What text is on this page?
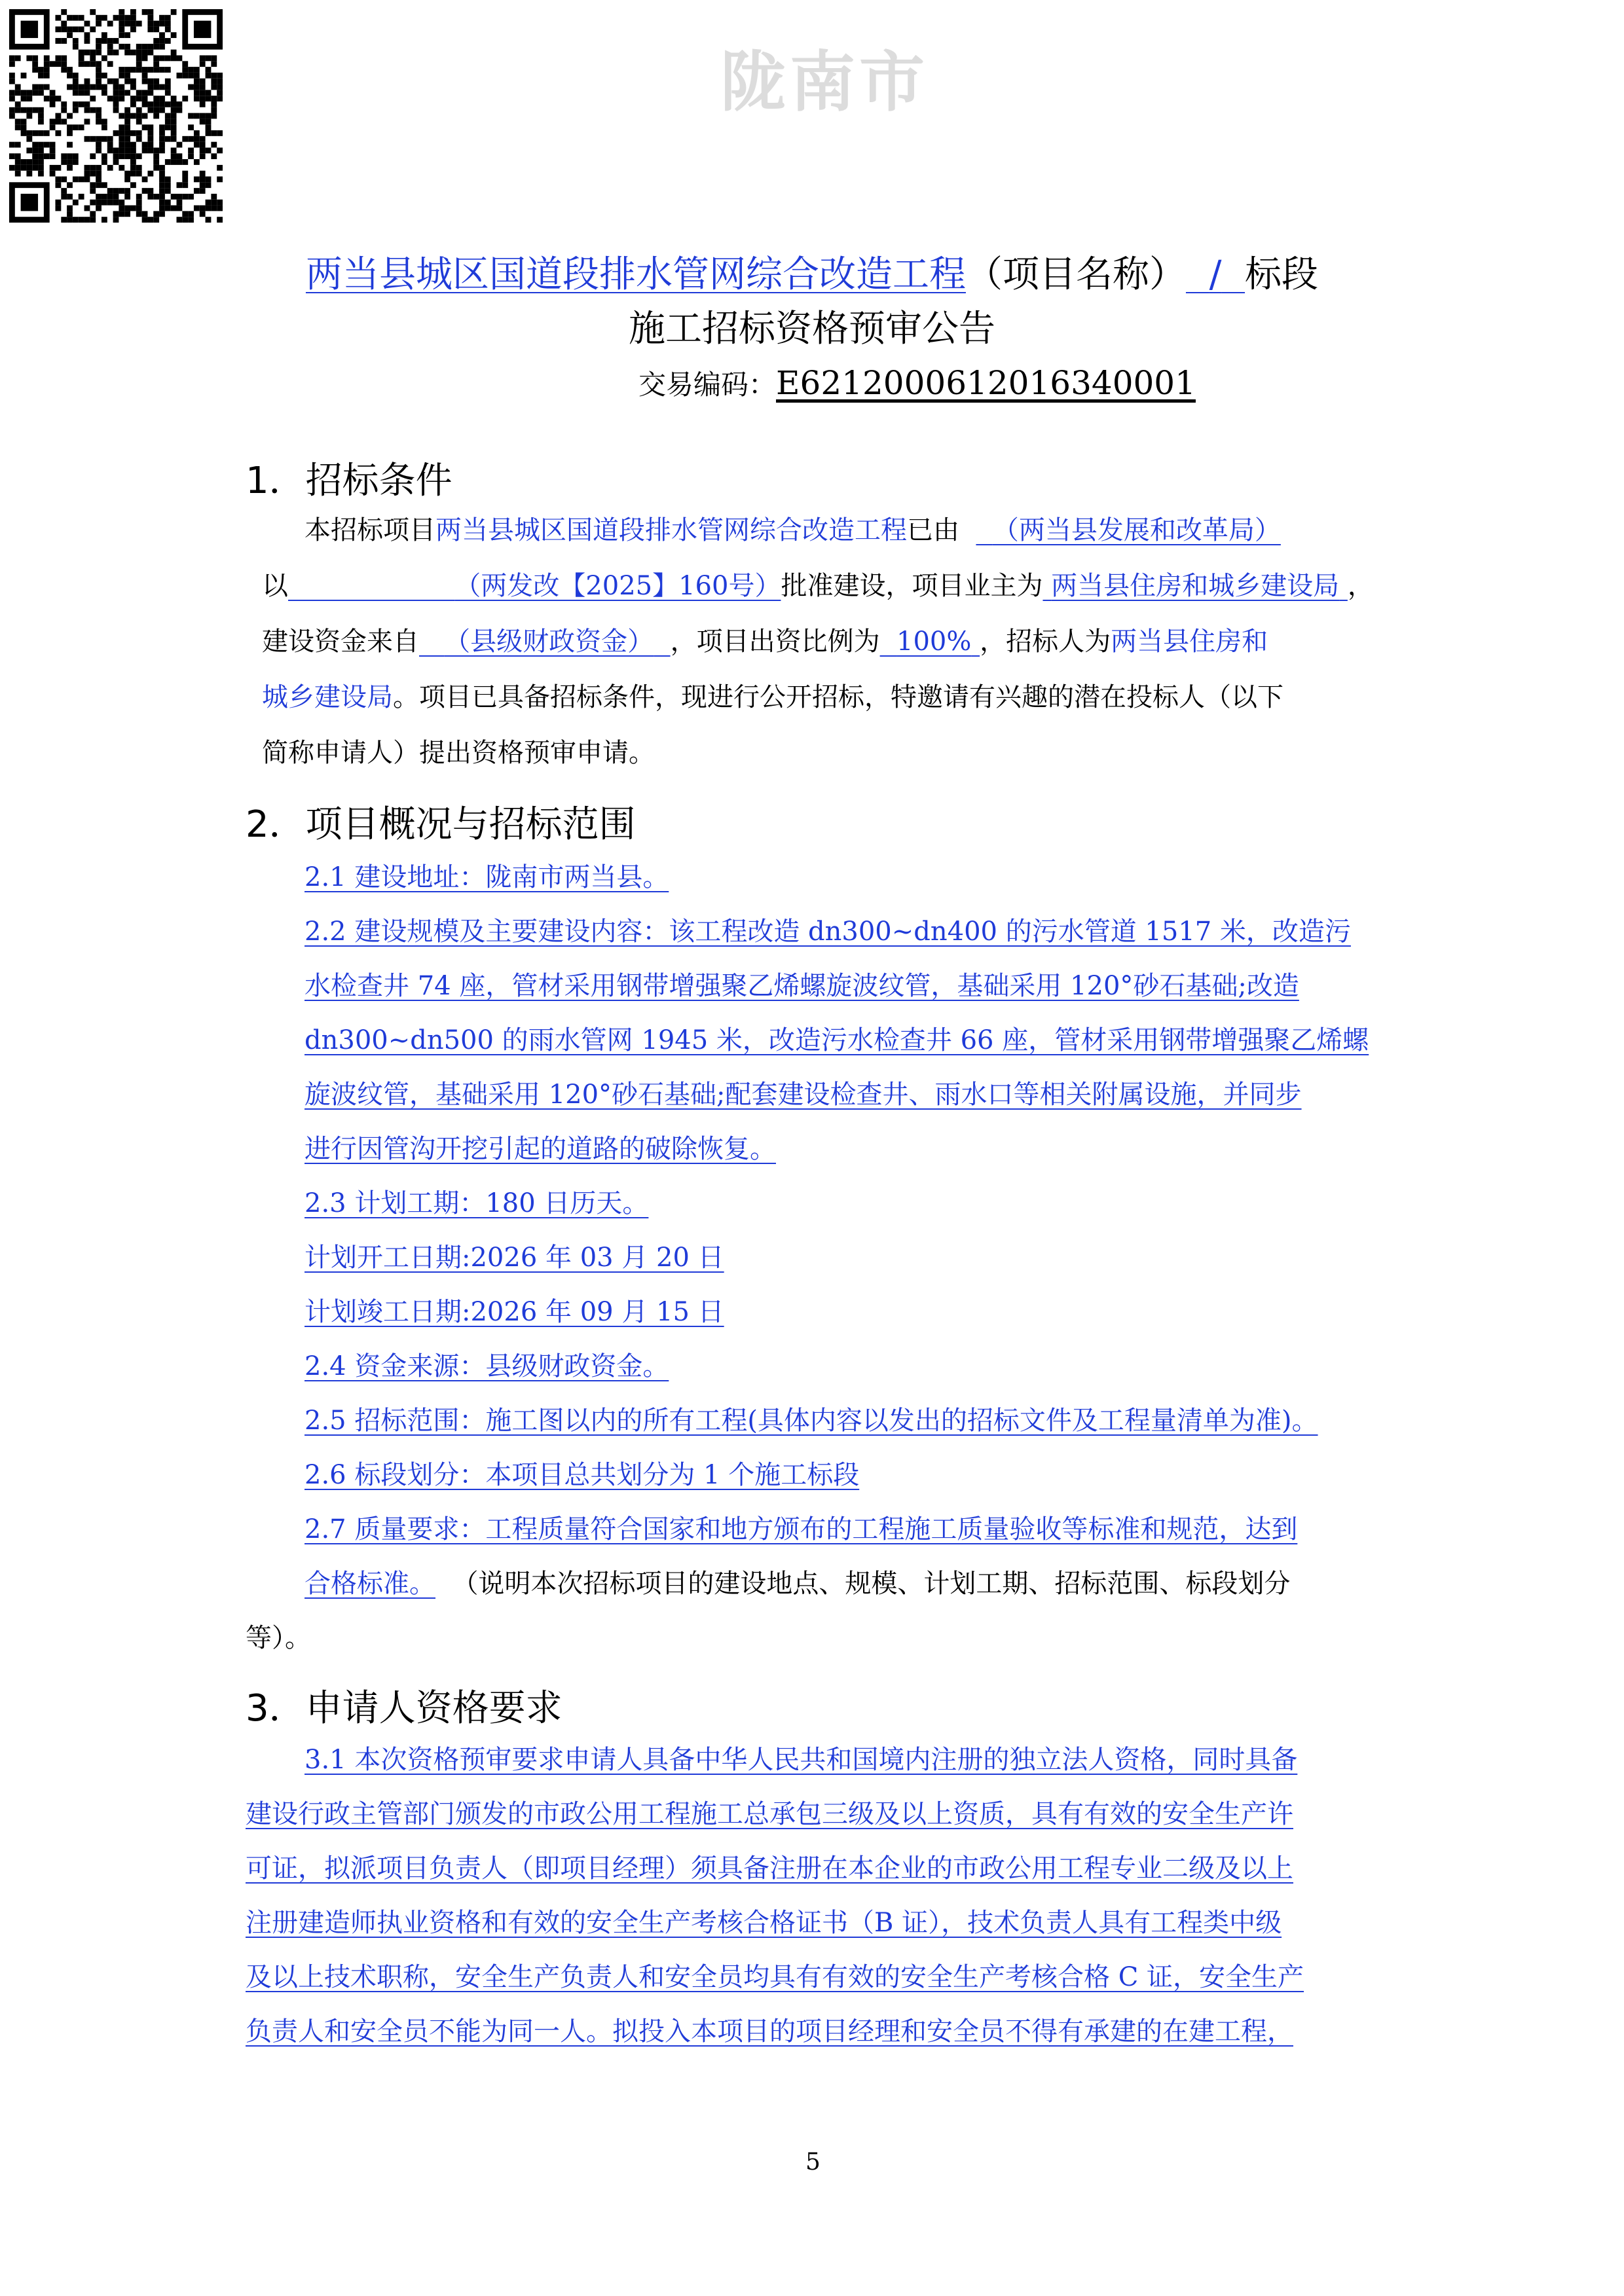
陇南市
两当县城区国道段排水管网综合改造工程（项目名称） / 标段
施工招标资格预审公告
交易编码：E6212000612016340001
1．招标条件
本招标项目两当县城区国道段排水管网综合改造工程已由 （两当县发展和改革局）
以	（两发改【2025】160号）批准建设，项目业主为 两当县住房和城乡建设局 ，
建设资金来自 （县级财政资金） ，项目出资比例为 100% ，招标人为两当县住房和
城乡建设局。项目已具备招标条件，现进行公开招标，特邀请有兴趣的潜在投标人（以下
简称申请人）提出资格预审申请。
2．项目概况与招标范围
2.1 建设地址：陇南市两当县。
2.2 建设规模及主要建设内容：该工程改造 dn300~dn400 的污水管道 1517 米，改造污
水检查井 74 座，管材采用钢带增强聚乙烯螺旋波纹管，基础采用 120°砂石基础;改造
dn300~dn500 的雨水管网 1945 米，改造污水检查井 66 座，管材采用钢带增强聚乙烯螺
旋波纹管，基础采用 120°砂石基础;配套建设检查井、雨水口等相关附属设施，并同步
进行因管沟开挖引起的道路的破除恢复。
2.3 计划工期：180 日历天。
计划开工日期:2026 年 03 月 20 日
计划竣工日期:2026 年 09 月 15 日
2.4 资金来源：县级财政资金。
2.5 招标范围：施工图以内的所有工程(具体内容以发出的招标文件及工程量清单为准)。
2.6 标段划分：本项目总共划分为 1 个施工标段
2.7 质量要求：工程质量符合国家和地方颁布的工程施工质量验收等标准和规范，达到
合格标准。 （说明本次招标项目的建设地点、规模、计划工期、招标范围、标段划分
等）。
3．申请人资格要求
3.1 本次资格预审要求申请人具备中华人民共和国境内注册的独立法人资格，同时具备
建设行政主管部门颁发的市政公用工程施工总承包三级及以上资质，具有有效的安全生产许
可证，拟派项目负责人（即项目经理）须具备注册在本企业的市政公用工程专业二级及以上
注册建造师执业资格和有效的安全生产考核合格证书（B 证），技术负责人具有工程类中级
及以上技术职称，安全生产负责人和安全员均具有有效的安全生产考核合格 C 证，安全生产
负责人和安全员不能为同一人。拟投入本项目的项目经理和安全员不得有承建的在建工程，
5
